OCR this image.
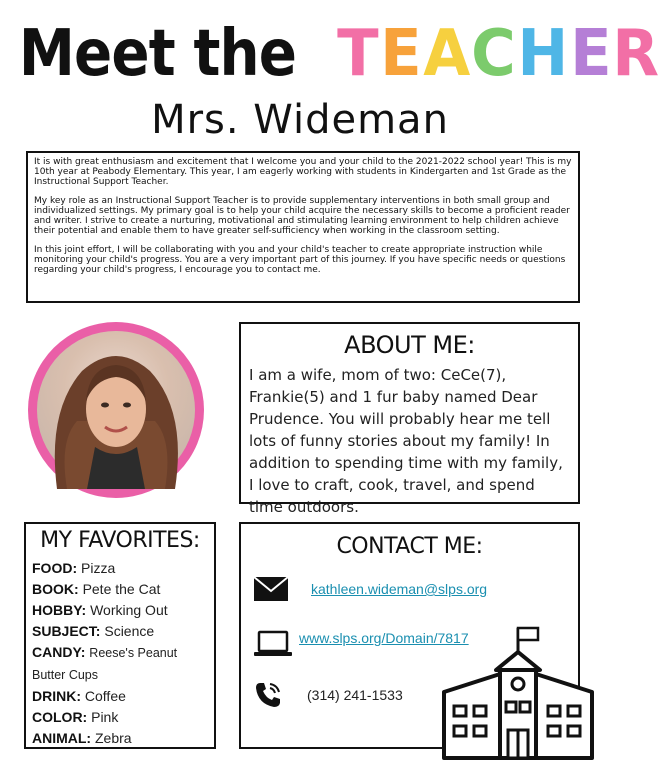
Meet the TEACHER
Mrs. Wideman

It is with great enthusiasm and excitement that I welcome you and your child to the 2021-2022 school year! This is my 10th year at Peabody Elementary. This year, I am eagerly working with students in Kindergarten and 1st Grade as the Instructional Support Teacher.

My key role as an Instructional Support Teacher is to provide supplementary interventions in both small group and individualized settings. My primary goal is to help your child acquire the necessary skills to become a proficient reader and writer. I strive to create a nurturing, motivational and stimulating learning environment to help children achieve their potential and enable them to have greater self-sufficiency when working in the classroom setting.

In this joint effort, I will be collaborating with you and your child's teacher to create appropriate instruction while monitoring your child's progress. You are a very important part of this journey. If you have specific needs or questions regarding your child's progress, I encourage you to contact me.

ABOUT ME:
I am a wife, mom of two: CeCe(7), Frankie(5) and 1 fur baby named Dear Prudence. You will probably hear me tell lots of funny stories about my family! In addition to spending time with my family, I love to craft, cook, travel, and spend time outdoors.
MY FAVORITES:
FOOD: Pizza
BOOK: Pete the Cat
HOBBY: Working Out
SUBJECT: Science
CANDY: Reese's Peanut Butter Cups
DRINK: Coffee
COLOR: Pink
ANIMAL: Zebra
CONTACT ME:
kathleen.wideman@slps.org
www.slps.org/Domain/7817
(314) 241-1533
